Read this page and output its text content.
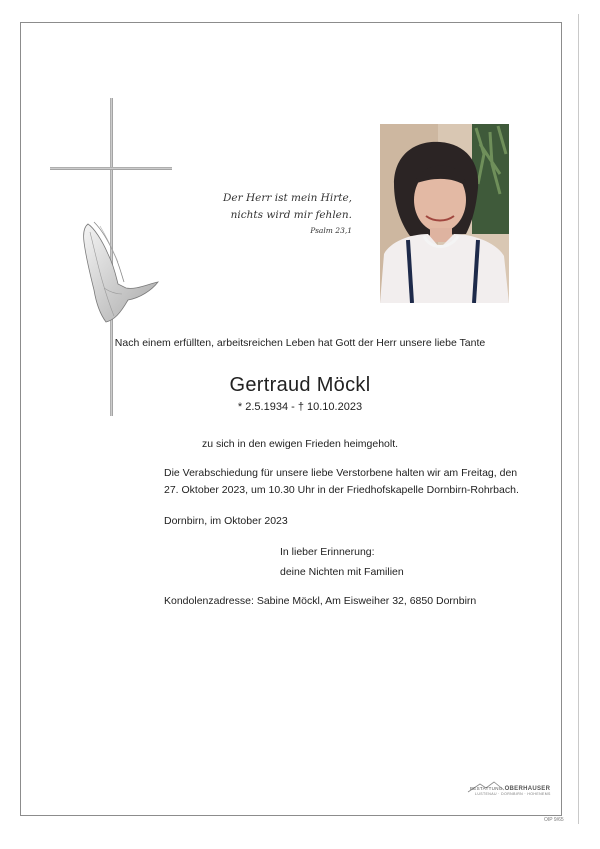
Der Herr ist mein Hirte,
nichts wird mir fehlen.
Psalm 23,1
Nach einem erfüllten, arbeitsreichen Leben hat Gott der Herr unsere liebe Tante
Gertraud Möckl
* 2.5.1934 - † 10.10.2023
zu sich in den ewigen Frieden heimgeholt.
Die Verabschiedung für unsere liebe Verstorbene halten wir am Freitag, den
27. Oktober 2023, um 10.30 Uhr in der Friedhofskapelle Dornbirn-Rohrbach.
Dornbirn, im Oktober 2023
In lieber Erinnerung:
deine Nichten mit Familien
Kondolenzadresse: Sabine Möckl, Am Eisweiher 32, 6850 Dornbirn
BESTATTUNG OBERHAUSER
LUSTENAU · DORNBIRN · HOHENEMS
OIP 9/65
